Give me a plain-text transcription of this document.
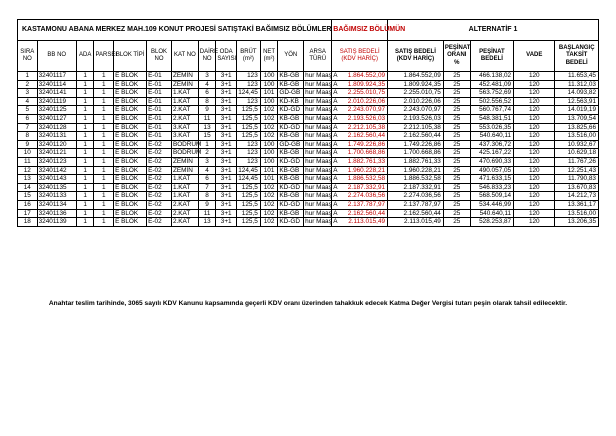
KASTAMONU ABANA MERKEZ MAH.109 KONUT PROJESİ SATIŞTAKİ BAĞIMSIZ BÖLÜMLER													BAĞIMSIZ BÖLÜMÜN	ALTERNATİF 1				
SIRA NO	BB NO	ADA	PARSEL	BLOK TİPİ	BLOK NO	KAT NO	DAİRE NO	ODA SAYISI	BRÜT (m²)	NET (m²)	YÖN	ARSA TÜRÜ	SATIŞ BEDELİ (KDV HARİÇ)	SATIŞ BEDELİ (KDV HARİÇ)	PEŞİNAT ORANI %	PEŞİNAT BEDELİ	VADE	BAŞLANGIÇ TAKSİT BEDELİ
1	32401117	1	1	E BLOK	E-01	ZEMİN	3	3+1	123	100	KB-GB	hur Maaş A	1.864.552,09	1.864.552,09	25	466.138,02	120	11.653,45
2	32401114	1	1	E BLOK	E-01	ZEMİN	4	3+1	123	100	KB-GB	hur Maaş A	1.809.924,35	1.809.924,35	25	452.481,09	120	11.312,03
3	32401141	1	1	E BLOK	E-01	1.KAT	6	3+1	124,45	101	GD-GB	hur Maaş A	2.255.010,75	2.255.010,75	25	563.752,69	120	14.093,82
4	32401119	1	1	E BLOK	E-01	1.KAT	8	3+1	123	100	KD-KB	hur Maaş A	2.010.226,06	2.010.226,06	25	502.556,52	120	12.563,91
5	32401125	1	1	E BLOK	E-01	2.KAT	9	3+1	125,5	102	KD-GD	hur Maaş A	2.243.070,97	2.243.070,97	25	560.767,74	120	14.019,19
6	32401127	1	1	E BLOK	E-01	2.KAT	11	3+1	125,5	102	KB-GB	hur Maaş A	2.193.526,03	2.193.526,03	25	548.381,51	120	13.709,54
7	32401128	1	1	E BLOK	E-01	3.KAT	13	3+1	125,5	102	KD-GD	hur Maaş A	2.212.105,38	2.212.105,38	25	553.026,35	120	13.825,66
8	32401131	1	1	E BLOK	E-01	3.KAT	15	3+1	125,5	102	KB-GB	hur Maaş A	2.162.560,44	2.162.560,44	25	540.640,11	120	13.516,00
9	32401120	1	1	E BLOK	E-02	BODRUM	1	3+1	123	100	GD-GB	hur Maaş A	1.749.226,86	1.749.226,86	25	437.306,72	120	10.932,67
10	32401121	1	1	E BLOK	E-02	BODRUM	2	3+1	123	100	KB-GB	hur Maaş A	1.700.668,86	1.700.668,86	25	425.167,22	120	10.629,18
11	32401123	1	1	E BLOK	E-02	ZEMİN	3	3+1	123	100	KD-GD	hur Maaş A	1.882.761,33	1.882.761,33	25	470.690,33	120	11.767,26
12	32401142	1	1	E BLOK	E-02	ZEMİN	4	3+1	124,45	101	KB-GB	hur Maaş A	1.960.228,21	1.960.228,21	25	490.057,05	120	12.251,43
13	32401143	1	1	E BLOK	E-02	1.KAT	6	3+1	124,45	101	KB-GB	hur Maaş A	1.886.532,58	1.886.532,58	25	471.633,15	120	11.790,83
14	32401135	1	1	E BLOK	E-02	1.KAT	7	3+1	125,5	102	KD-GD	hur Maaş A	2.187.332,91	2.187.332,91	25	546.833,23	120	13.670,83
15	32401133	1	1	E BLOK	E-02	1.KAT	8	3+1	125,5	102	KB-GB	hur Maaş A	2.274.036,56	2.274.036,56	25	568.509,14	120	14.212,73
16	32401134	1	1	E BLOK	E-02	2.KAT	9	3+1	125,5	102	KD-GD	hur Maaş A	2.137.787,97	2.137.787,97	25	534.446,99	120	13.361,17
17	32401136	1	1	E BLOK	E-02	2.KAT	11	3+1	125,5	102	KB-GB	hur Maaş A	2.162.560,44	2.162.560,44	25	540.640,11	120	13.516,00
18	32401139	1	1	E BLOK	E-02	2.KAT	13	3+1	125,5	102	KD-GD	hur Maaş A	2.113.015,49	2.113.015,49	25	528.253,87	120	13.206,35
Anahtar teslim tarihinde, 3065 sayılı KDV Kanunu kapsamında geçerli KDV oranı üzerinden tahakkuk edecek Katma Değer Vergisi tutarı peşin olarak tahsil edilecektir.
